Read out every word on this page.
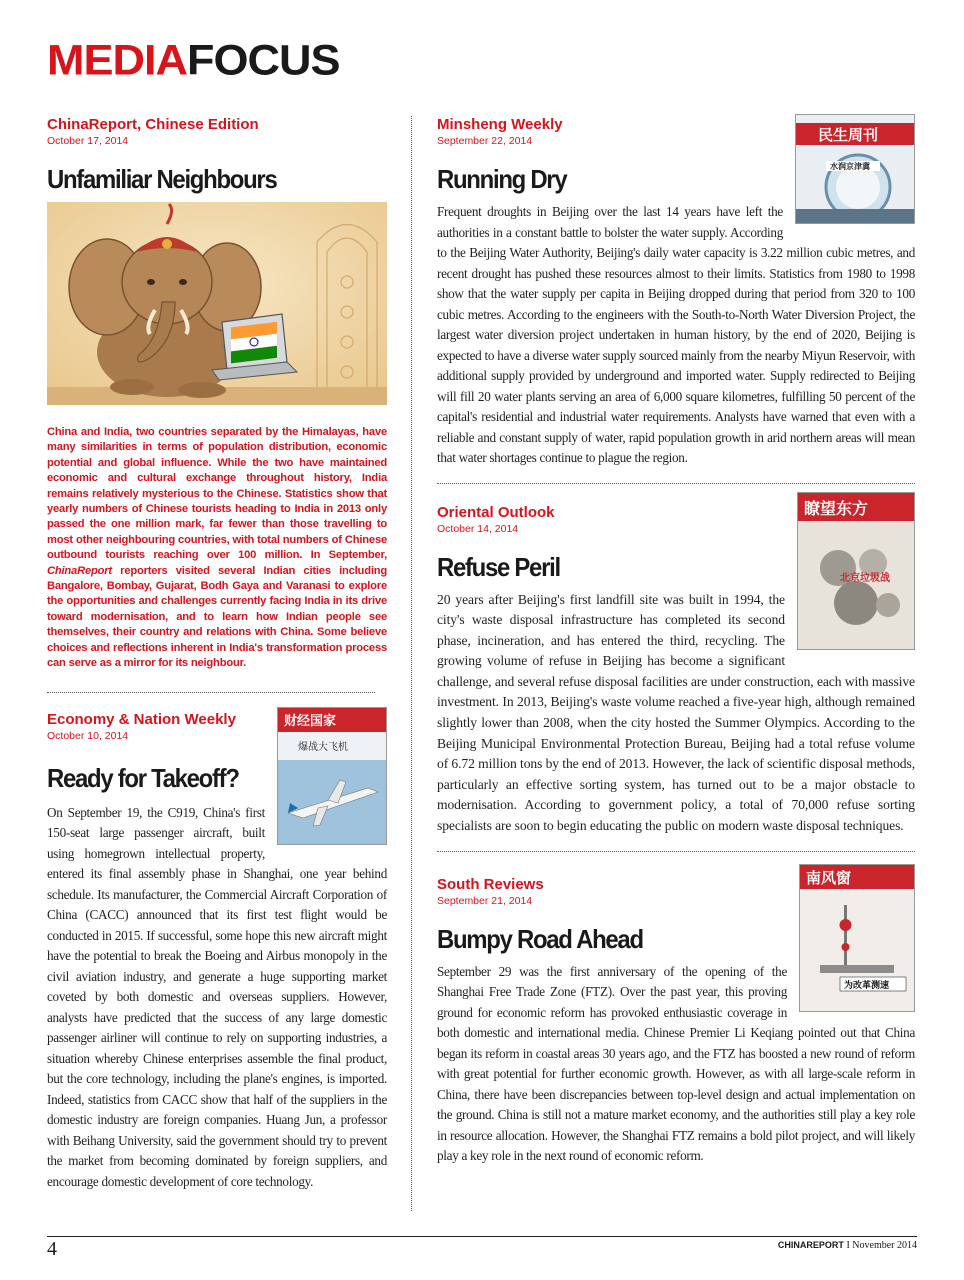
MEDIAFOCUS

ChinaReport, Chinese Edition

October 17, 2014

Unfamiliar Neighbours

China and India, two countries separated by the Himalayas, have many similarities in terms of population distribution, economic potential and global influence. While the two have maintained economic and cultural exchange throughout history, India remains relatively mysterious to the Chinese. Statistics show that yearly numbers of Chinese tourists heading to India in 2013 only passed the one million mark, far fewer than those travelling to most other neighbouring countries, with total numbers of Chinese outbound tourists reaching over 100 million. In September, ChinaReport reporters visited several Indian cities including Bangalore, Bombay, Gujarat, Bodh Gaya and Varanasi to explore the opportunities and challenges currently facing India in its drive toward modernisation, and to learn how Indian people see themselves, their country and relations with China. Some believe choices and reflections inherent in India's transformation process can serve as a mirror for its neighbour.

财经国家
爆战大飞机

Economy & Nation Weekly

October 10, 2014

Ready for Takeoff?

On September 19, the C919, China's first 150-seat large passenger aircraft, built using homegrown intellectual property, entered its final assembly phase in Shanghai, one year behind schedule. Its manufacturer, the Commercial Aircraft Corporation of China (CACC) announced that its first test flight would be conducted in 2015. If successful, some hope this new aircraft might have the potential to break the Boeing and Airbus monopoly in the civil aviation industry, and generate a huge supporting market coveted by both domestic and overseas suppliers. However, analysts have predicted that the success of any large domestic passenger airliner will continue to rely on supporting industries, a situation whereby Chinese enterprises assemble the final product, but the core technology, including the plane's engines, is imported. Indeed, statistics from CACC show that half of the suppliers in the domestic industry are foreign companies. Huang Jun, a professor with Beihang University, said the government should try to prevent the market from becoming dominated by foreign suppliers, and encourage domestic development of core technology.

民生周刊
水润京津冀

Minsheng Weekly

September 22, 2014

Running Dry

Frequent droughts in Beijing over the last 14 years have left the authorities in a constant battle to bolster the water supply. According to the Beijing Water Authority, Beijing's daily water capacity is 3.22 million cubic metres, and recent drought has pushed these resources almost to their limits. Statistics from 1980 to 1998 show that the water supply per capita in Beijing dropped during that period from 320 to 100 cubic metres. According to the engineers with the South-to-North Water Diversion Project, the largest water diversion project undertaken in human history, by the end of 2020, Beijing is expected to have a diverse water supply sourced mainly from the nearby Miyun Reservoir, with additional supply provided by underground and imported water. Supply redirected to Beijing will fill 20 water plants serving an area of 6,000 square kilometres, fulfilling 50 percent of the capital's residential and industrial water requirements. Analysts have warned that even with a reliable and constant supply of water, rapid population growth in arid northern areas will mean that water shortages continue to plague the region.

瞭望东方
北京垃圾战

Oriental Outlook

October 14, 2014

Refuse Peril

20 years after Beijing's first landfill site was built in 1994, the city's waste disposal infrastructure has completed its second phase, incineration, and has entered the third, recycling. The growing volume of refuse in Beijing has become a significant challenge, and several refuse disposal facilities are under construction, each with massive investment. In 2013, Beijing's waste volume reached a five-year high, although remained slightly lower than 2008, when the city hosted the Summer Olympics. According to the Beijing Municipal Environmental Protection Bureau, Beijing had a total refuse volume of 6.72 million tons by the end of 2013. However, the lack of scientific disposal methods, particularly an effective sorting system, has turned out to be a major obstacle to modernisation. According to government policy, a total of 70,000 refuse sorting specialists are soon to begin educating the public on modern waste disposal techniques.

南风窗
为改革测速

South Reviews

September 21, 2014

Bumpy Road Ahead

September 29 was the first anniversary of the opening of the Shanghai Free Trade Zone (FTZ). Over the past year, this proving ground for economic reform has provoked enthusiastic coverage in both domestic and international media. Chinese Premier Li Keqiang pointed out that China began its reform in coastal areas 30 years ago, and the FTZ has boosted a new round of reform with great potential for further economic growth. However, as with all large-scale reform in China, there have been discrepancies between top-level design and actual implementation on the ground. China is still not a mature market economy, and the authorities still play a key role in resource allocation. However, the Shanghai FTZ remains a bold pilot project, and will likely play a key role in the next round of economic reform.

4	CHINAREPORT I November 2014
